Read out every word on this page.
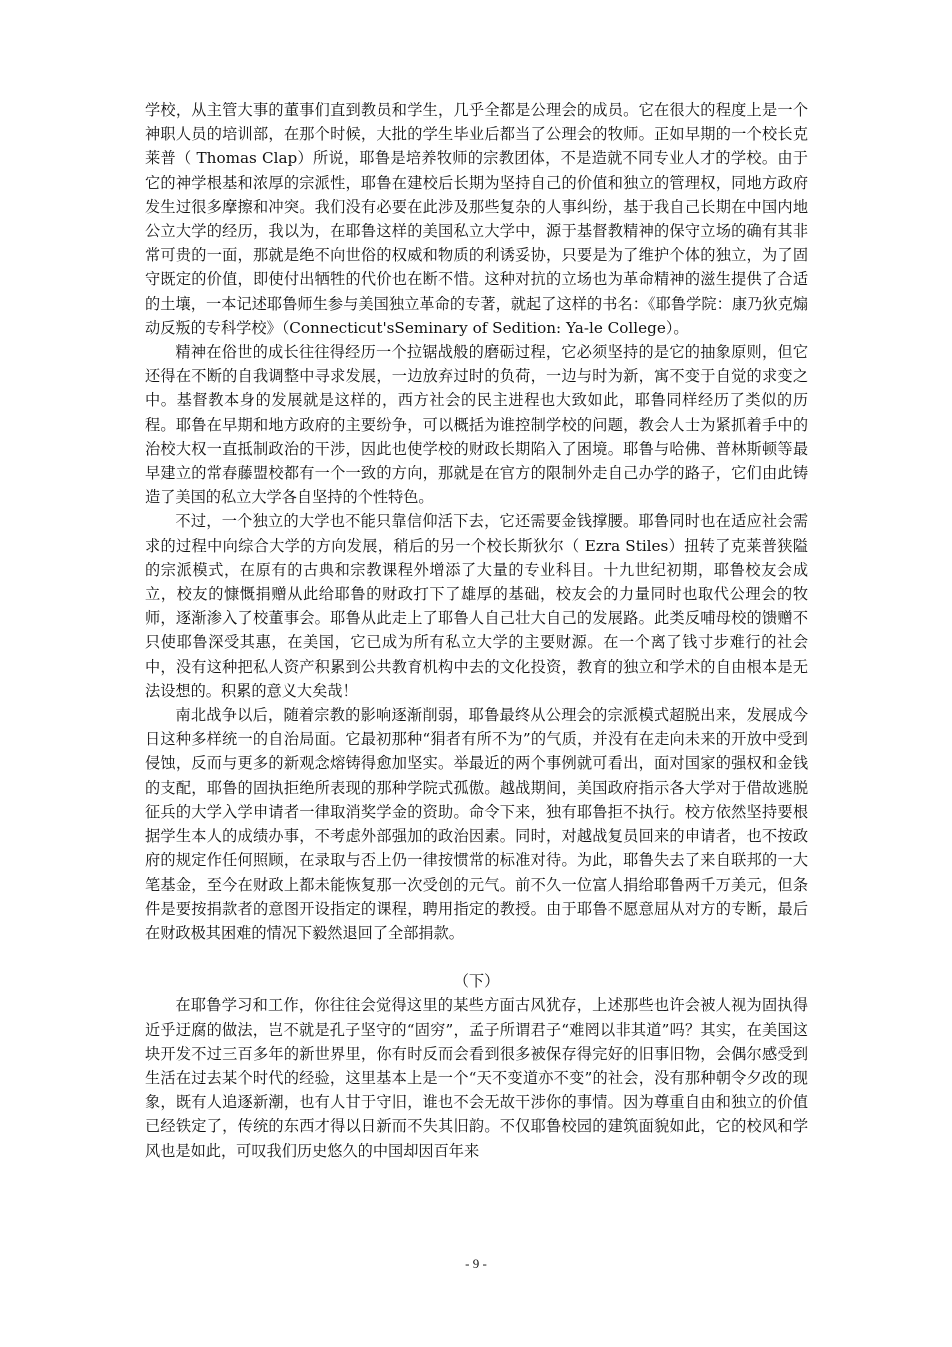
学校，从主管大事的董事们直到教员和学生，几乎全都是公理会的成员。它在很大的程度上是一个神职人员的培训部，在那个时候，大批的学生毕业后都当了公理会的牧师。正如早期的一个校长克莱普（ Thomas Clap）所说，耶鲁是培养牧师的宗教团体，不是造就不同专业人才的学校。由于它的神学根基和浓厚的宗派性，耶鲁在建校后长期为坚持自己的价值和独立的管理权，同地方政府发生过很多摩擦和冲突。我们没有必要在此涉及那些复杂的人事纠纷，基于我自己长期在中国内地公立大学的经历，我以为，在耶鲁这样的美国私立大学中，源于基督教精神的保守立场的确有其非常可贵的一面，那就是绝不向世俗的权威和物质的利诱妥协，只要是为了维护个体的独立，为了固守既定的价值，即使付出牺牲的代价也在断不惜。这种对抗的立场也为革命精神的滋生提供了合适的土壤，一本记述耶鲁师生参与美国独立革命的专著，就起了这样的书名：《耶鲁学院：康乃狄克煽动反叛的专科学校》（Connecticut'sSeminary of Sedition: Ya-le College）。

精神在俗世的成长往往得经历一个拉锯战般的磨砺过程，它必须坚持的是它的抽象原则，但它还得在不断的自我调整中寻求发展，一边放弃过时的负荷，一边与时为新，寓不变于自觉的求变之中。基督教本身的发展就是这样的，西方社会的民主进程也大致如此，耶鲁同样经历了类似的历程。耶鲁在早期和地方政府的主要纷争，可以概括为谁控制学校的问题，教会人士为紧抓着手中的治校大权一直抵制政治的干涉，因此也使学校的财政长期陷入了困境。耶鲁与哈佛、普林斯顿等最早建立的常春藤盟校都有一个一致的方向，那就是在官方的限制外走自己办学的路子，它们由此铸造了美国的私立大学各自坚持的个性特色。

不过，一个独立的大学也不能只靠信仰活下去，它还需要金钱撑腰。耶鲁同时也在适应社会需求的过程中向综合大学的方向发展，稍后的另一个校长斯狄尔（ Ezra Stiles）扭转了克莱普狭隘的宗派模式，在原有的古典和宗教课程外增添了大量的专业科目。十九世纪初期，耶鲁校友会成立，校友的慷慨捐赠从此给耶鲁的财政打下了雄厚的基础，校友会的力量同时也取代公理会的牧师，逐渐渗入了校董事会。耶鲁从此走上了耶鲁人自己壮大自己的发展路。此类反哺母校的馈赠不只使耶鲁深受其惠，在美国，它已成为所有私立大学的主要财源。在一个离了钱寸步难行的社会中，没有这种把私人资产积累到公共教育机构中去的文化投资，教育的独立和学术的自由根本是无法设想的。积累的意义大矣哉！

南北战争以后，随着宗教的影响逐渐削弱，耶鲁最终从公理会的宗派模式超脱出来，发展成今日这种多样统一的自治局面。它最初那种“狷者有所不为”的气质，并没有在走向未来的开放中受到侵蚀，反而与更多的新观念熔铸得愈加坚实。举最近的两个事例就可看出，面对国家的强权和金钱的支配，耶鲁的固执拒绝所表现的那种学院式孤傲。越战期间，美国政府指示各大学对于借故逃脱征兵的大学入学申请者一律取消奖学金的资助。命令下来，独有耶鲁拒不执行。校方依然坚持要根据学生本人的成绩办事，不考虑外部强加的政治因素。同时，对越战复员回来的申请者，也不按政府的规定作任何照顾，在录取与否上仍一律按惯常的标准对待。为此，耶鲁失去了来自联邦的一大笔基金，至今在财政上都未能恢复那一次受创的元气。前不久一位富人捐给耶鲁两千万美元，但条件是要按捐款者的意图开设指定的课程，聘用指定的教授。由于耶鲁不愿意屈从对方的专断，最后在财政极其困难的情况下毅然退回了全部捐款。

（下）

在耶鲁学习和工作，你往往会觉得这里的某些方面古风犹存，上述那些也许会被人视为固执得近乎迂腐的做法，岂不就是孔子坚守的“固穷”，孟子所谓君子“难罔以非其道”吗？其实，在美国这块开发不过三百多年的新世界里，你有时反而会看到很多被保存得完好的旧事旧物，会偶尔感受到生活在过去某个时代的经验，这里基本上是一个“天不变道亦不变”的社会，没有那种朝令夕改的现象，既有人追逐新潮，也有人甘于守旧，谁也不会无故干涉你的事情。因为尊重自由和独立的价值已经铁定了，传统的东西才得以日新而不失其旧韵。不仅耶鲁校园的建筑面貌如此，它的校风和学风也是如此，可叹我们历史悠久的中国却因百年来

- 9 -
